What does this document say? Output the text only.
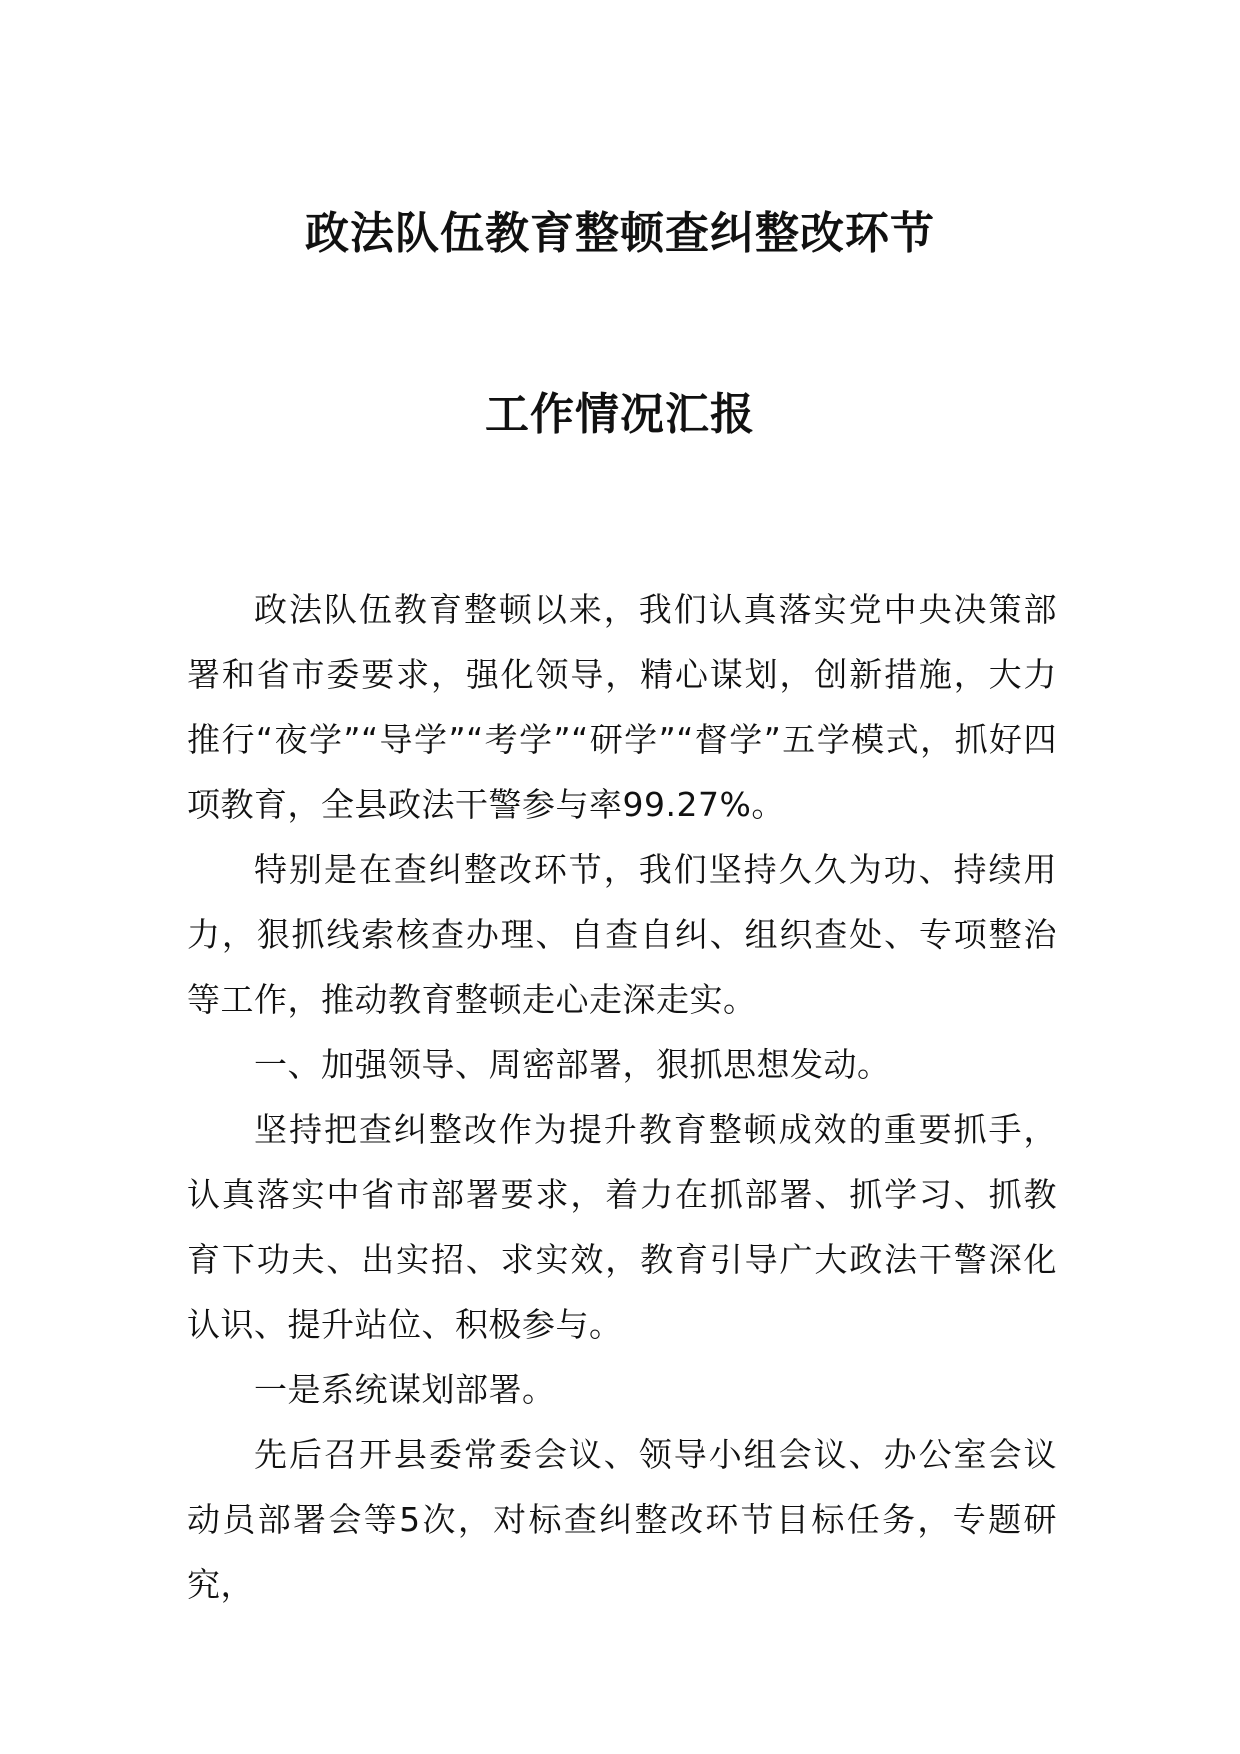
政法队伍教育整顿查纠整改环节
工作情况汇报

政法队伍教育整顿以来，我们认真落实党中央决策部署和省市委要求，强化领导，精心谋划，创新措施，大力推行“夜学”“导学”“考学”“研学”“督学”五学模式，抓好四项教育，全县政法干警参与率99.27%。

特别是在查纠整改环节，我们坚持久久为功、持续用力，狠抓线索核查办理、自查自纠、组织查处、专项整治等工作，推动教育整顿走心走深走实。

一、加强领导、周密部署，狠抓思想发动。

坚持把查纠整改作为提升教育整顿成效的重要抓手，认真落实中省市部署要求，着力在抓部署、抓学习、抓教育下功夫、出实招、求实效，教育引导广大政法干警深化认识、提升站位、积极参与。

一是系统谋划部署。

先后召开县委常委会议、领导小组会议、办公室会议动员部署会等5次，对标查纠整改环节目标任务，专题研究，
